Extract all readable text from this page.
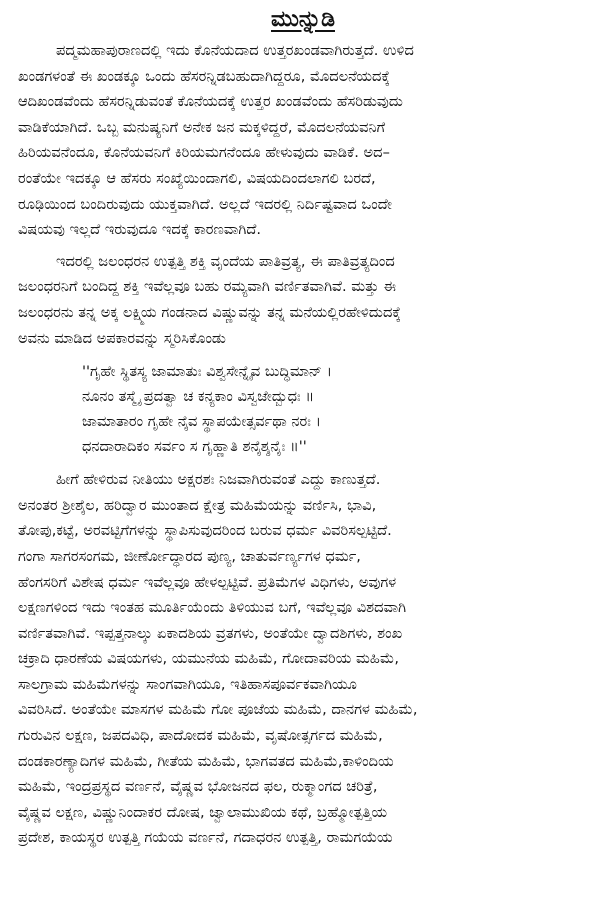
ಮುನ್ನುಡಿ

ಪದ್ಮಮಹಾಪುರಾಣದಲ್ಲಿ ಇದು ಕೊನೆಯದಾದ ಉತ್ತರಖಂಡವಾಗಿರುತ್ತದೆ. ಉಳಿದ
ಖಂಡಗಳಂತೆ ಈ ಖಂಡಕ್ಕೂ ಒಂದು ಹೆಸರನ್ನಿಡಬಹುದಾಗಿದ್ದರೂ, ಮೊದಲನೆಯದಕ್ಕೆ
ಆದಿಖಂಡವೆಂದು ಹೆಸರನ್ನಿಡುವಂತೆ ಕೊನೆಯದಕ್ಕೆ ಉತ್ತರ ಖಂಡವೆಂದು ಹೆಸರಿಡುವುದು
ವಾಡಿಕೆಯಾಗಿದೆ. ಒಬ್ಬ ಮನುಷ್ಯನಿಗೆ ಅನೇಕ ಜನ ಮಕ್ಕಳಿದ್ದರೆ, ಮೊದಲನೆಯವನಿಗೆ
ಹಿರಿಯವನೆಂದೂ, ಕೊನೆಯವನಿಗೆ ಕಿರಿಯಮಗನೆಂದೂ ಹೇಳುವುದು ವಾಡಿಕೆ. ಅದ–
ರಂತೆಯೇ ಇದಕ್ಕೂ ಆ ಹೆಸರು ಸಂಖ್ಯೆಯಿಂದಾಗಲಿ, ವಿಷಯದಿಂದಲಾಗಲಿ ಬರದೆ,
ರೂಢಿಯಿಂದ ಬಂದಿರುವುದು ಯುಕ್ತವಾಗಿದೆ. ಅಲ್ಲದೆ ಇದರಲ್ಲಿ ನಿರ್ದಿಷ್ಟವಾದ ಒಂದೇ
ವಿಷಯವು ಇಲ್ಲದೆ ಇರುವುದೂ ಇದಕ್ಕೆ ಕಾರಣವಾಗಿದೆ.

ಇದರಲ್ಲಿ ಜಲಂಧರನ ಉತ್ಪತ್ತಿ ಶಕ್ತಿ ವೃಂದೆಯ ಪಾತಿವ್ರತ್ಯ, ಈ ಪಾತಿವ್ರತ್ಯದಿಂದ
ಜಲಂಧರನಿಗೆ ಬಂದಿದ್ದ ಶಕ್ತಿ ಇವೆಲ್ಲವೂ ಬಹು ರಮ್ಯವಾಗಿ ವರ್ಣಿತವಾಗಿವೆ. ಮತ್ತು ಈ
ಜಲಂಧರನು ತನ್ನ ಅಕ್ಕ ಲಕ್ಷ್ಮಿಯ ಗಂಡನಾದ ವಿಷ್ಣುವನ್ನು ತನ್ನ ಮನೆಯಲ್ಲಿರಹೇಳಿದುದಕ್ಕೆ
ಅವನು ಮಾಡಿದ ಅಪಕಾರವನ್ನು ಸ್ಮರಿಸಿಕೊಂಡು

''ಗೃಹೇ ಸ್ಥಿತಸ್ಯ ಜಾಮಾತುಃ ವಿಶ್ವಸೇನ್ನೈವ ಬುದ್ಧಿಮಾನ್ ।
ನೂನಂ ತಸ್ಮೈ ಪ್ರದತ್ವಾ ಚ ಕನ್ಯಕಾಂ ವಿಸ್ವಜೇದ್ಬುಧಃ ॥
ಜಾಮಾತಾರಂ ಗೃಹೇ ನೈವ ಸ್ಥಾಪಯೇತ್ಸರ್ವಥಾ ನರಃ ।
ಧನದಾರಾದಿಕಂ ಸರ್ವಂ ಸ ಗೃಹ್ಣಾತಿ ಶನೈಶ್ಶನೈಃ ॥''

ಹೀಗೆ ಹೇಳಿರುವ ನೀತಿಯು ಅಕ್ಷರಶಃ ನಿಜವಾಗಿರುವಂತೆ ಎದ್ದು ಕಾಣುತ್ತದೆ.
ಅನಂತರ ಶ್ರೀಶೈಲ, ಹರಿದ್ವಾರ ಮುಂತಾದ ಕ್ಷೇತ್ರ ಮಹಿಮೆಯನ್ನು ವರ್ಣಿಸಿ, ಭಾವಿ,
ತೋಪು,ಕಟ್ಟೆ, ಅರವಟ್ಟಿಗೆಗಳನ್ನು ಸ್ಥಾಪಿಸುವುದರಿಂದ ಬರುವ ಧರ್ಮ ವಿವರಿಸಲ್ಪಟ್ಟಿದೆ.
ಗಂಗಾ ಸಾಗರಸಂಗಮ, ಜೀರ್ಣೋದ್ಧಾರದ ಪುಣ್ಯ, ಚಾತುರ್ವರ್ಣ್ಯಗಳ ಧರ್ಮ,
ಹೆಂಗಸರಿಗೆ ವಿಶೇಷ ಧರ್ಮ ಇವೆಲ್ಲವೂ ಹೇಳಲ್ಪಟ್ಟಿವೆ. ಪ್ರತಿಮೆಗಳ ವಿಧಿಗಳು, ಅವುಗಳ
ಲಕ್ಷಣಗಳಿಂದ ಇದು ಇಂತಹ ಮೂರ್ತಿಯೆಂದು ತಿಳಿಯುವ ಬಗೆ, ಇವೆಲ್ಲವೂ ವಿಶದವಾಗಿ
ವರ್ಣಿತವಾಗಿವೆ. ಇಪ್ಪತ್ತನಾಲ್ಕು ಏಕಾದಶಿಯ ವ್ರತಗಳು, ಅಂತೆಯೇ ದ್ವಾದಶಿಗಳು, ಶಂಖ
ಚಕ್ರಾದಿ ಧಾರಣೆಯ ವಿಷಯಗಳು, ಯಮುನೆಯ ಮಹಿಮೆ, ಗೋದಾವರಿಯ ಮಹಿಮೆ,
ಸಾಲಗ್ರಾಮ ಮಹಿಮೆಗಳನ್ನು ಸಾಂಗವಾಗಿಯೂ, ಇತಿಹಾಸಪೂರ್ವಕವಾಗಿಯೂ
ವಿವರಿಸಿದೆ. ಅಂತೆಯೇ ಮಾಸಗಳ ಮಹಿಮೆ ಗೋ ಪೂಜೆಯ ಮಹಿಮೆ, ದಾನಗಳ ಮಹಿಮೆ,
ಗುರುವಿನ ಲಕ್ಷಣ, ಜಪದವಿಧಿ, ಪಾದೋದಕ ಮಹಿಮೆ, ವೃಷೋತ್ಸರ್ಗದ ಮಹಿಮೆ,
ದಂಡಕಾರಣ್ಯಾದಿಗಳ ಮಹಿಮೆ, ಗೀತೆಯ ಮಹಿಮೆ, ಭಾಗವತದ ಮಹಿಮೆ,ಕಾಳಿಂದಿಯ
ಮಹಿಮೆ, ಇಂದ್ರಪ್ರಸ್ಥದ ವರ್ಣನೆ, ವೈಷ್ಣವ ಭೋಜನದ ಫಲ, ರುಕ್ಮಾಂಗದ ಚರಿತ್ರೆ,
ವೈಷ್ಣವ ಲಕ್ಷಣ, ವಿಷ್ಣುನಿಂದಾಕರ ದೋಷ, ಜ್ವಾಲಾಮುಖಿಯ ಕಥೆ, ಬ್ರಹ್ಮೋತ್ಪತ್ತಿಯ
ಪ್ರದೇಶ, ಕಾಯಸ್ಥರ ಉತ್ಪತ್ತಿ ಗಯೆಯ ವರ್ಣನೆ, ಗದಾಧರನ ಉತ್ಪತ್ತಿ, ರಾಮಗಯೆಯ
